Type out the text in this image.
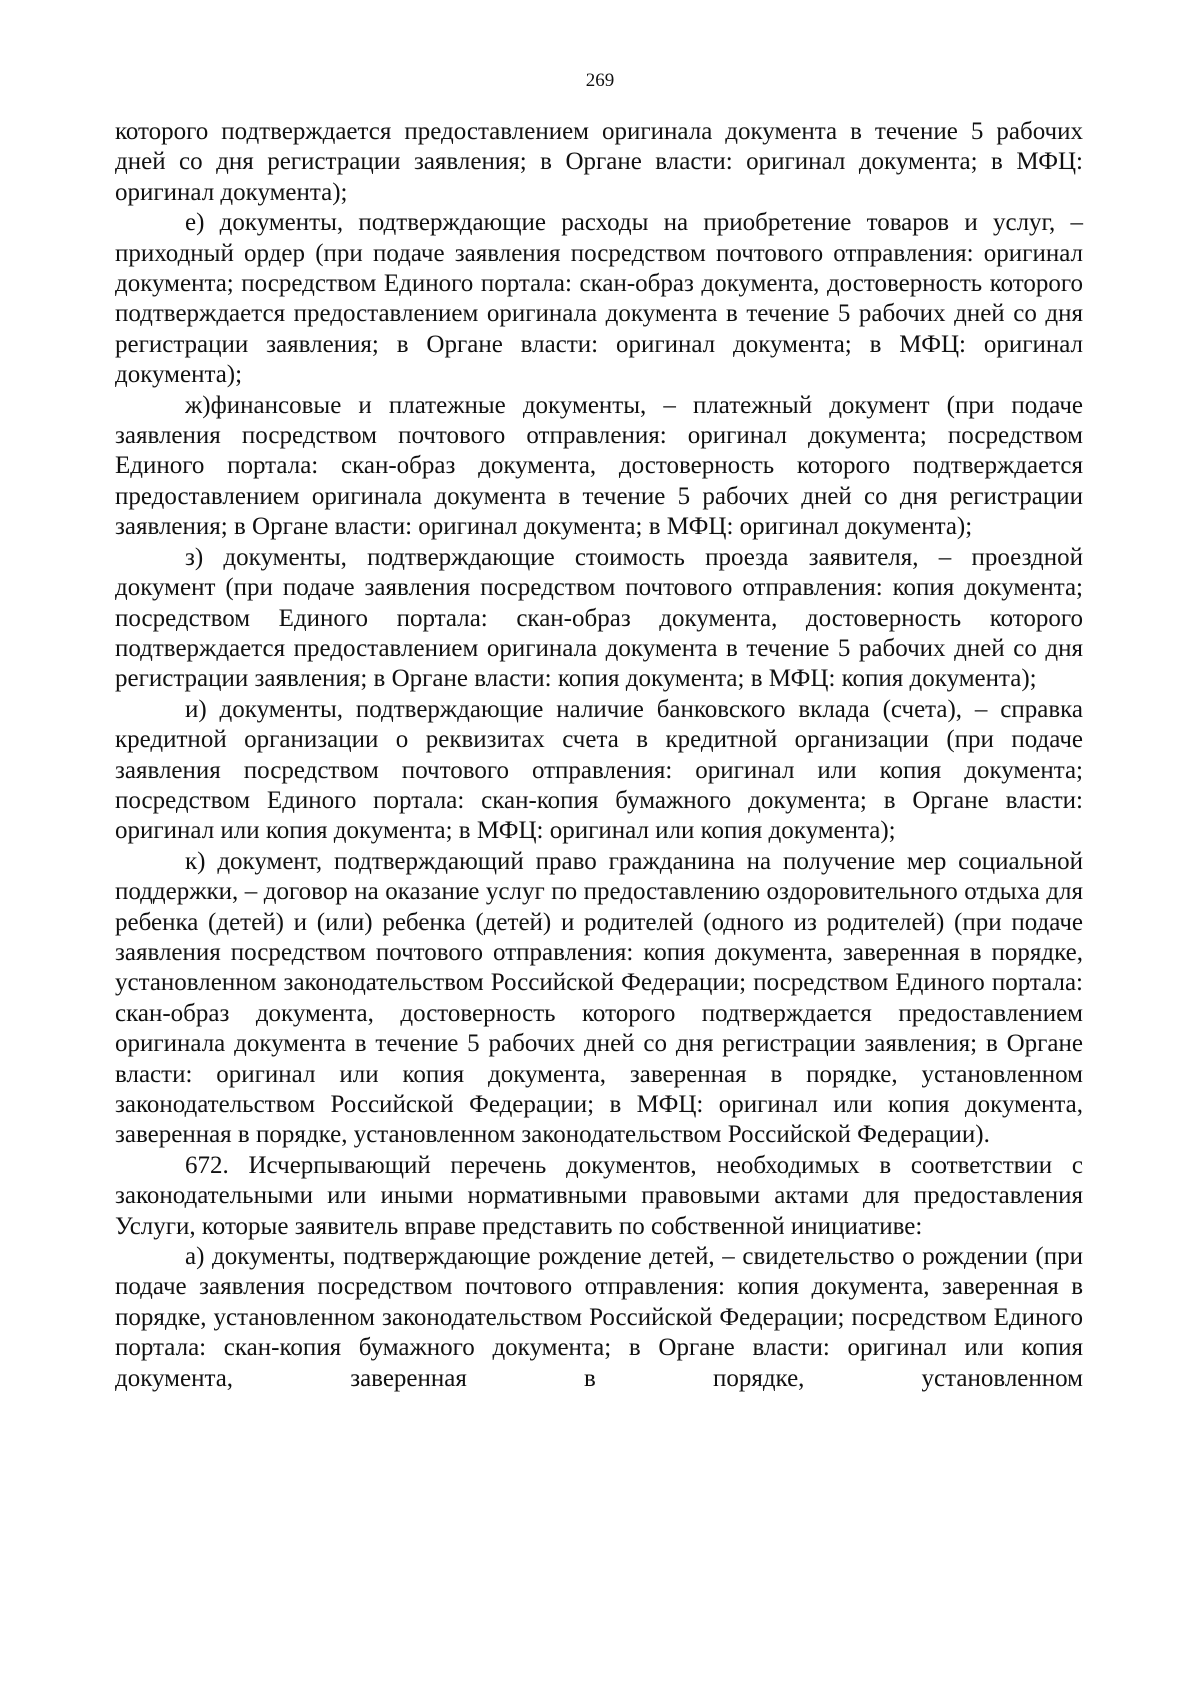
269

которого подтверждается предоставлением оригинала документа в течение 5 рабочих дней со дня регистрации заявления; в Органе власти: оригинал документа; в МФЦ: оригинал документа);

е) документы, подтверждающие расходы на приобретение товаров и услуг, – приходный ордер (при подаче заявления посредством почтового отправления: оригинал документа; посредством Единого портала: скан-образ документа, достоверность которого подтверждается предоставлением оригинала документа в течение 5 рабочих дней со дня регистрации заявления; в Органе власти: оригинал документа; в МФЦ: оригинал документа);

ж)финансовые и платежные документы, – платежный документ (при подаче заявления посредством почтового отправления: оригинал документа; посредством Единого портала: скан-образ документа, достоверность которого подтверждается предоставлением оригинала документа в течение 5 рабочих дней со дня регистрации заявления; в Органе власти: оригинал документа; в МФЦ: оригинал документа);

з) документы, подтверждающие стоимость проезда заявителя, – проездной документ (при подаче заявления посредством почтового отправления: копия документа; посредством Единого портала: скан-образ документа, достоверность которого подтверждается предоставлением оригинала документа в течение 5 рабочих дней со дня регистрации заявления; в Органе власти: копия документа; в МФЦ: копия документа);

и) документы, подтверждающие наличие банковского вклада (счета), – справка кредитной организации о реквизитах счета в кредитной организации (при подаче заявления посредством почтового отправления: оригинал или копия документа; посредством Единого портала: скан-копия бумажного документа; в Органе власти: оригинал или копия документа; в МФЦ: оригинал или копия документа);

к) документ, подтверждающий право гражданина на получение мер социальной поддержки, – договор на оказание услуг по предоставлению оздоровительного отдыха для ребенка (детей) и (или) ребенка (детей) и родителей (одного из родителей) (при подаче заявления посредством почтового отправления: копия документа, заверенная в порядке, установленном законодательством Российской Федерации; посредством Единого портала: скан-образ документа, достоверность которого подтверждается предоставлением оригинала документа в течение 5 рабочих дней со дня регистрации заявления; в Органе власти: оригинал или копия документа, заверенная в порядке, установленном законодательством Российской Федерации; в МФЦ: оригинал или копия документа, заверенная в порядке, установленном законодательством Российской Федерации).

672. Исчерпывающий перечень документов, необходимых в соответствии с законодательными или иными нормативными правовыми актами для предоставления Услуги, которые заявитель вправе представить по собственной инициативе:

а) документы, подтверждающие рождение детей, – свидетельство о рождении (при подаче заявления посредством почтового отправления: копия документа, заверенная в порядке, установленном законодательством Российской Федерации; посредством Единого портала: скан-копия бумажного документа; в Органе власти: оригинал или копия документа, заверенная в порядке, установленном
